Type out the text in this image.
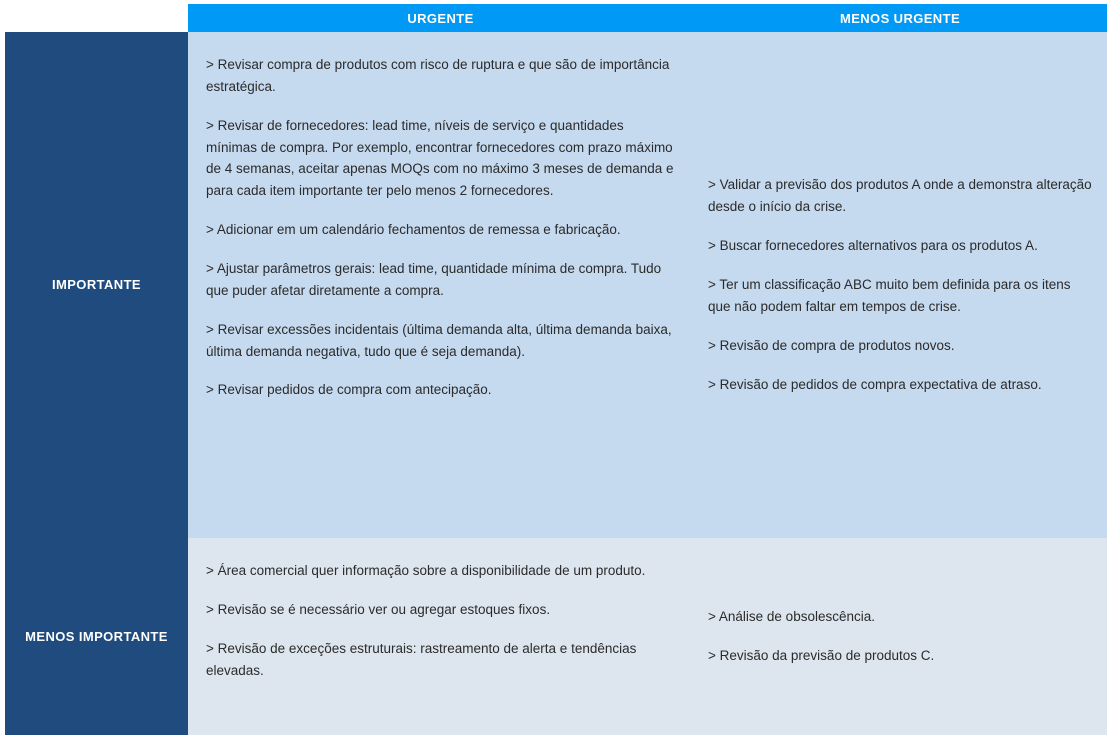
URGENTE	MENOS URGENTE
IMPORTANTE
MENOS IMPORTANTE
> Revisar compra de produtos com risco de ruptura e que são de importância estratégica.
> Revisar de fornecedores: lead time, níveis de serviço e quantidades mínimas de compra. Por exemplo, encontrar fornecedores com prazo máximo de 4 semanas, aceitar apenas MOQs com no máximo 3 meses de demanda e para cada item importante ter pelo menos 2 fornecedores.
> Adicionar em um calendário fechamentos de remessa e fabricação.
> Ajustar parâmetros gerais: lead time, quantidade mínima de compra. Tudo que puder afetar diretamente a compra.
> Revisar excessões incidentais (última demanda alta, última demanda baixa, última demanda negativa, tudo que é seja demanda).
> Revisar pedidos de compra com antecipação.
> Validar a previsão dos produtos A onde a demonstra alteração desde o início da crise.
> Buscar fornecedores alternativos para os produtos A.
> Ter um classificação ABC muito bem definida para os itens que não podem faltar em tempos de crise.
> Revisão de compra de produtos novos.
> Revisão de pedidos de compra expectativa de atraso.
> Área comercial quer informação sobre a disponibilidade de um produto.
> Revisão se é necessário ver ou agregar estoques fixos.
> Revisão de exceções estruturais: rastreamento de alerta e tendências elevadas.
> Análise de obsolescência.
> Revisão da previsão de produtos C.
